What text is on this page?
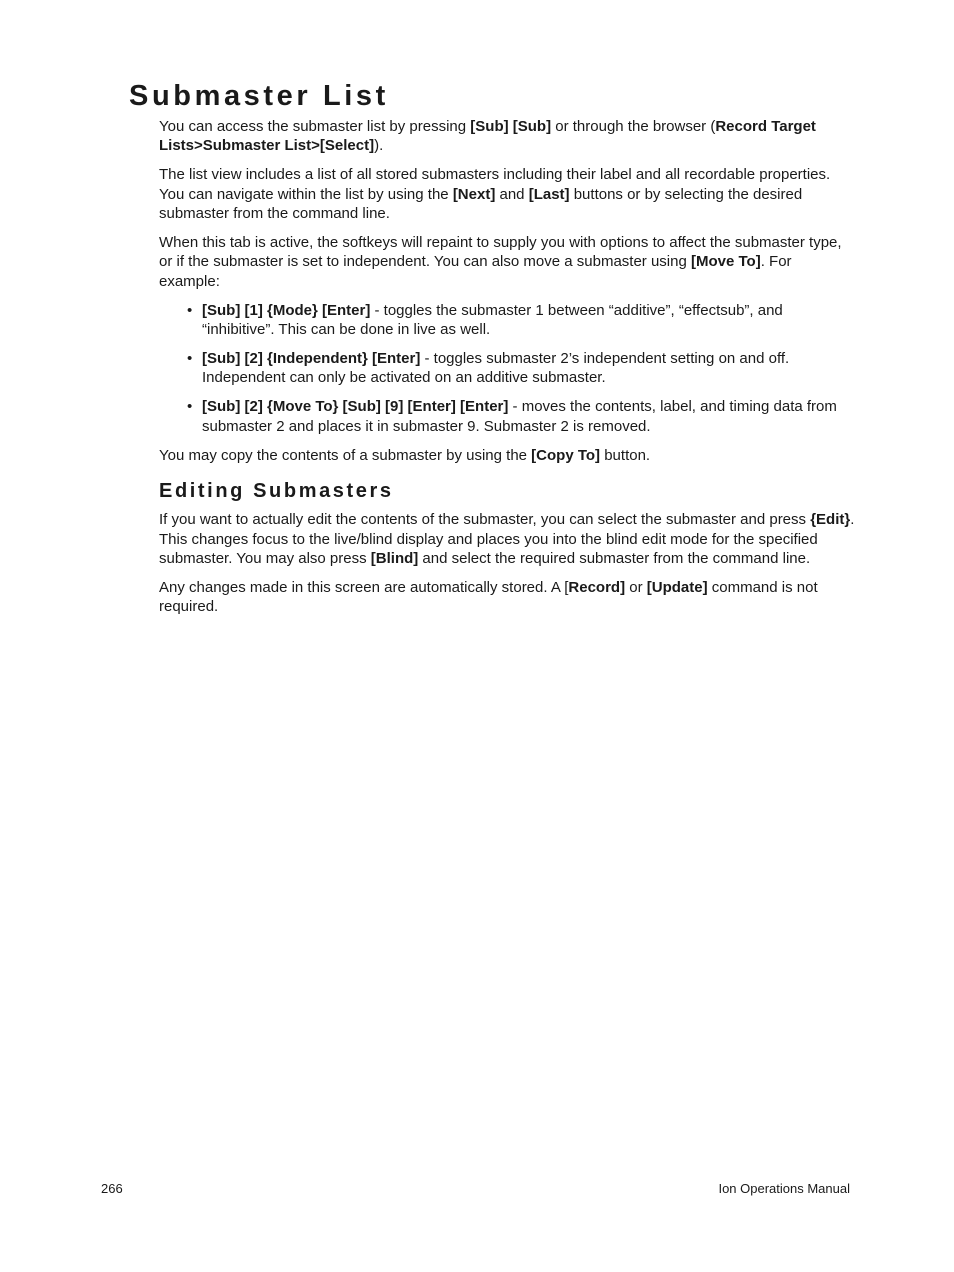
Submaster List

You can access the submaster list by pressing [Sub] [Sub] or through the browser (Record Target Lists>Submaster List>[Select]).

The list view includes a list of all stored submasters including their label and all recordable properties. You can navigate within the list by using the [Next] and [Last] buttons or by selecting the desired submaster from the command line.

When this tab is active, the softkeys will repaint to supply you with options to affect the submaster type, or if the submaster is set to independent. You can also move a submaster using [Move To]. For example:

• [Sub] [1] {Mode} [Enter] - toggles the submaster 1 between “additive”, “effectsub”, and “inhibitive”. This can be done in live as well.
• [Sub] [2] {Independent} [Enter] - toggles submaster 2’s independent setting on and off. Independent can only be activated on an additive submaster.
• [Sub] [2] {Move To} [Sub] [9] [Enter] [Enter] - moves the contents, label, and timing data from submaster 2 and places it in submaster 9. Submaster 2 is removed.

You may copy the contents of a submaster by using the [Copy To] button.

Editing Submasters

If you want to actually edit the contents of the submaster, you can select the submaster and press {Edit}. This changes focus to the live/blind display and places you into the blind edit mode for the specified submaster. You may also press [Blind] and select the required submaster from the command line.

Any changes made in this screen are automatically stored. A [Record] or [Update] command is not required.

266	Ion Operations Manual
